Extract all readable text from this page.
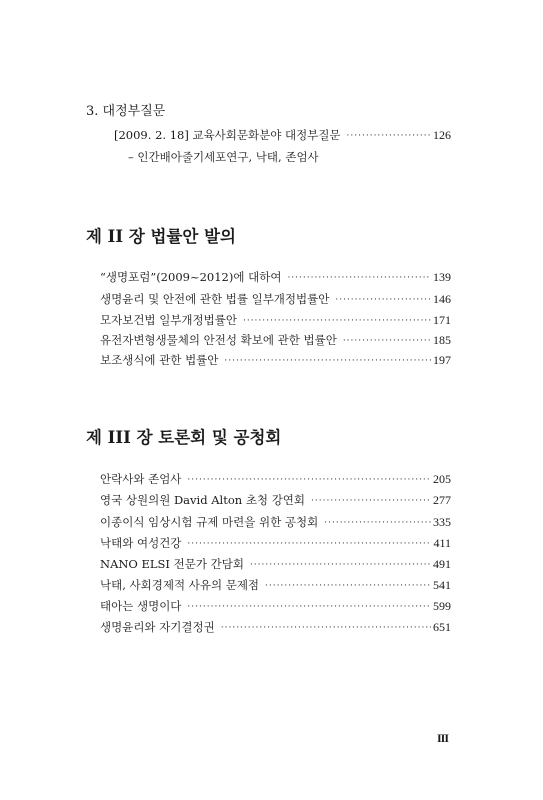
3. 대정부질문
[2009. 2. 18] 교육사회문화분야 대정부질문 ·····	126
– 인간배아줄기세포연구, 낙태, 존엄사
제 II 장 법률안 발의
“생명포럼”(2009~2012)에 대하여 ·····	139
생명윤리 및 안전에 관한 법률 일부개정법률안 ·····	146
모자보건법 일부개정법률안 ·····	171
유전자변형생물체의 안전성 확보에 관한 법률안 ·····	185
보조생식에 관한 법률안 ·····	197
제 III 장 토론회 및 공청회
안락사와 존엄사 ·····	205
영국 상원의원 David Alton 초청 강연회 ·····	277
이종이식 임상시험 규제 마련을 위한 공청회 ·····	335
낙태와 여성건강 ·····	411
NANO ELSI 전문가 간담회 ·····	491
낙태, 사회경제적 사유의 문제점 ·····	541
태아는 생명이다 ·····	599
생명윤리와 자기결정권 ·····	651
III
